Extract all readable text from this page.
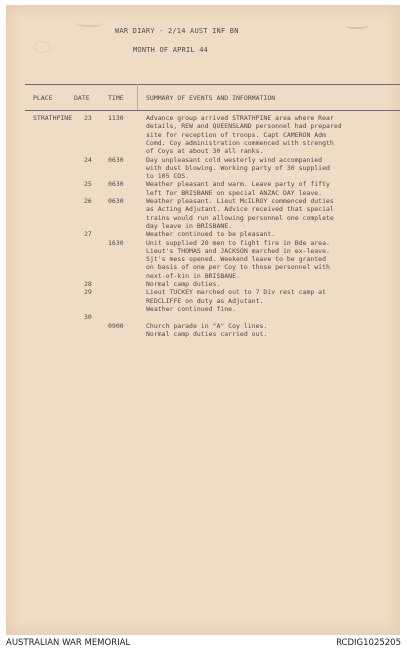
WAR DIARY - 2/14 AUST INF BN
MONTH OF APRIL 44
PLACE	DATE	TIME	SUMMARY OF EVENTS AND INFORMATION
STRATHPINE 23 1130	Advance group arrived STRATHPINE area where Rear
details, REW and QUEENSLAND personnel had prepared
site for reception of troops. Capt CAMERON Adm
Comd. Coy administration commenced with strength
of Coys at about 30 all ranks.
24 0630	Day unpleasant cold westerly wind accompanied
with dust blowing. Working party of 30 supplied
to 105 COS.
25 0630	Weather pleasant and warm. Leave party of fifty
left for BRISBANE on special ANZAC DAY leave.
26 0630	Weather pleasant. Lieut McILROY commenced duties
as Acting Adjutant. Advice received that special
trains would run allowing personnel one complete
day leave in BRISBANE.
27	Weather continued to be pleasant.
1630	Unit supplied 20 men to fight fire in Bde area.
Lieut's THOMAS and JACKSON marched in ex-leave.
Sjt's mess opened. Weekend leave to be granted
on basis of one per Coy to those personnel with
next-of-kin in BRISBANE.
28	Normal camp duties.
29	Lieut TUCKEY marched out to 7 Div rest camp at
REDCLIFFE on duty as Adjutant.
Weather continued fine.
30
0900	Church parade in "A" Coy lines.
Normal camp duties carried out.
AUSTRALIAN WAR MEMORIAL	RCDIG1025205
